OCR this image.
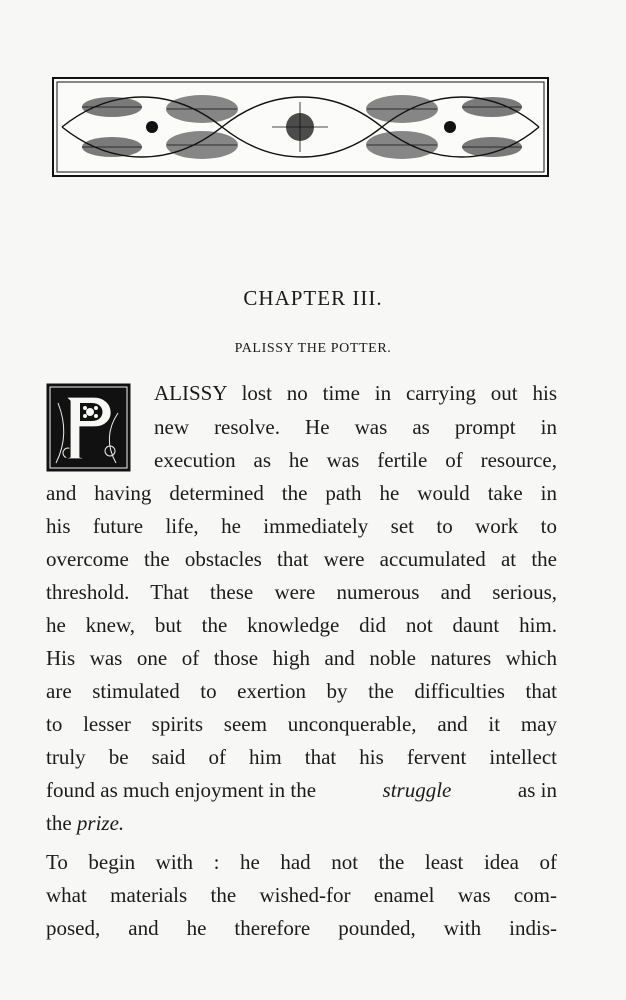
CHAPTER III.
PALISSY THE POTTER.
ALISSY lost no time in carrying out his
new resolve. He was as prompt in
execution as he was fertile of resource,
and having determined the path he would take in
his future life, he immediately set to work to
overcome the obstacles that were accumulated at the
threshold. That these were numerous and serious,
he knew, but the knowledge did not daunt him.
His was one of those high and noble natures which
are stimulated to exertion by the difficulties that
to lesser spirits seem unconquerable, and it may
truly be said of him that his fervent intellect
found as much enjoyment in the	struggle	as in
the prize.
To begin with : he had not the least idea of
what materials the wished-for enamel was com-
posed, and he therefore pounded, with indis-
